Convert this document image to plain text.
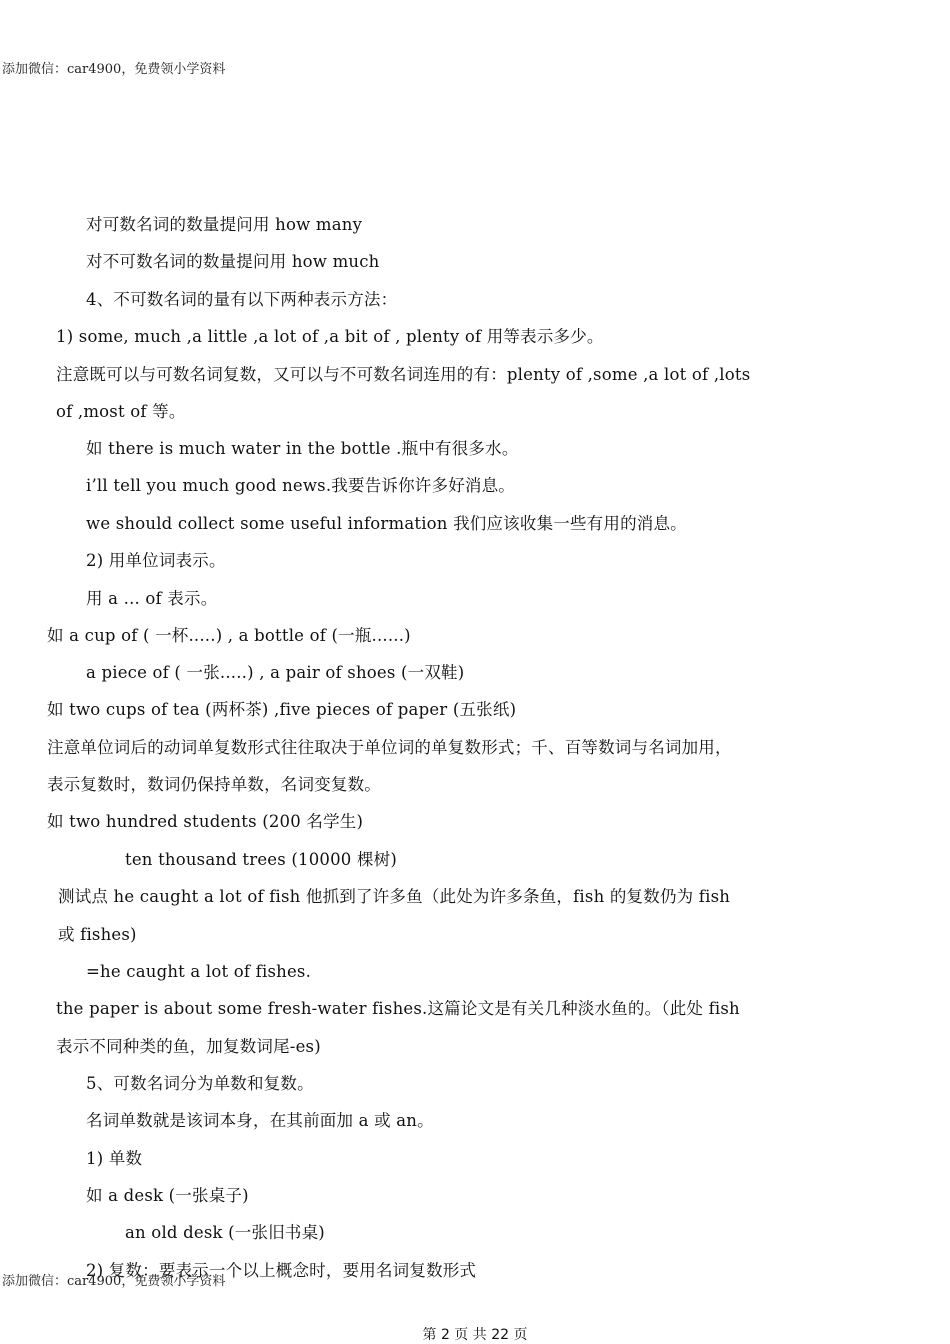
添加微信：car4900，免费领小学资料
对可数名词的数量提问用 how many
对不可数名词的数量提问用 how much
4、不可数名词的量有以下两种表示方法：
1) some, much ,a little ,a lot of ,a bit of , plenty of 用等表示多少。
注意既可以与可数名词复数，又可以与不可数名词连用的有：plenty of ,some ,a lot of ,lots
of ,most of 等。
如 there is much water in the bottle .瓶中有很多水。
i’ll tell you much good news.我要告诉你许多好消息。
we should collect some useful information 我们应该收集一些有用的消息。
2) 用单位词表示。
用 a ... of 表示。
如 a cup of ( 一杯.....) , a bottle of (一瓶......)
a piece of ( 一张.....) , a pair of shoes (一双鞋)
如 two cups of tea (两杯茶) ,five pieces of paper (五张纸)
注意单位词后的动词单复数形式往往取决于单位词的单复数形式；千、百等数词与名词加用，
表示复数时，数词仍保持单数，名词变复数。
如 two hundred students (200 名学生)
ten thousand trees (10000 棵树)
测试点 he caught a lot of fish 他抓到了许多鱼（此处为许多条鱼，fish 的复数仍为 fish
或 fishes)
=he caught a lot of fishes.
the paper is about some fresh-water fishes.这篇论文是有关几种淡水鱼的。（此处 fish
表示不同种类的鱼，加复数词尾-es)
5、可数名词分为单数和复数。
名词单数就是该词本身，在其前面加 a 或 an。
1) 单数
如 a desk (一张桌子)
an old desk (一张旧书桌)
2) 复数：要表示一个以上概念时，要用名词复数形式
添加微信：car4900，免费领小学资料
第 2 页 共 22 页
